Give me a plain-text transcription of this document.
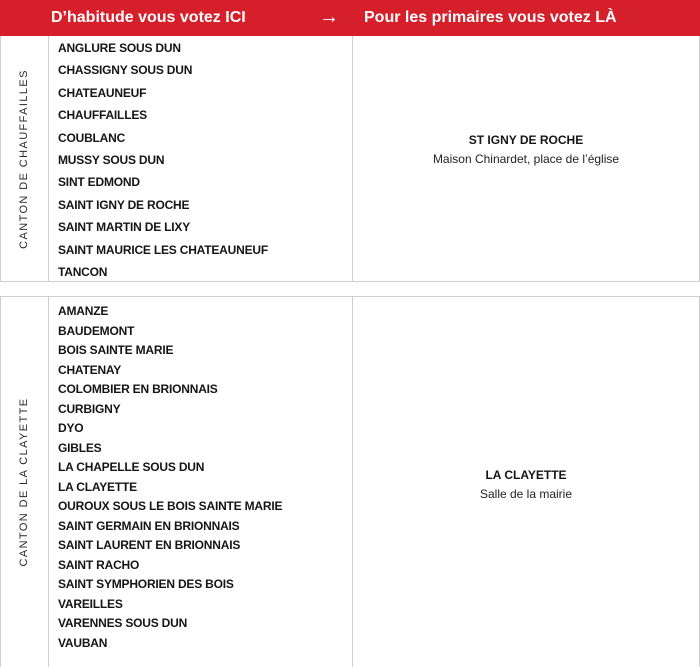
D’habitude vous votez ICI	→ Pour les primaires vous votez LÀ
CANTON DE CHAUFFAILLES
ANGLURE SOUS DUN
CHASSIGNY SOUS DUN
CHATEAUNEUF
CHAUFFAILLES
COUBLANC
MUSSY SOUS DUN
SINT EDMOND
SAINT IGNY DE ROCHE
SAINT MARTIN DE LIXY
SAINT MAURICE LES CHATEAUNEUF
TANCON
ST IGNY DE ROCHE
Maison Chinardet, place de l’église
CANTON DE LA CLAYETTE
AMANZE
BAUDEMONT
BOIS SAINTE MARIE
CHATENAY
COLOMBIER EN BRIONNAIS
CURBIGNY
DYO
GIBLES
LA CHAPELLE SOUS DUN
LA CLAYETTE
OUROUX SOUS LE BOIS SAINTE MARIE
SAINT GERMAIN EN BRIONNAIS
SAINT LAURENT EN BRIONNAIS
SAINT RACHO
SAINT SYMPHORIEN DES BOIS
VAREILLES
VARENNES SOUS DUN
VAUBAN
LA CLAYETTE
Salle de la mairie
